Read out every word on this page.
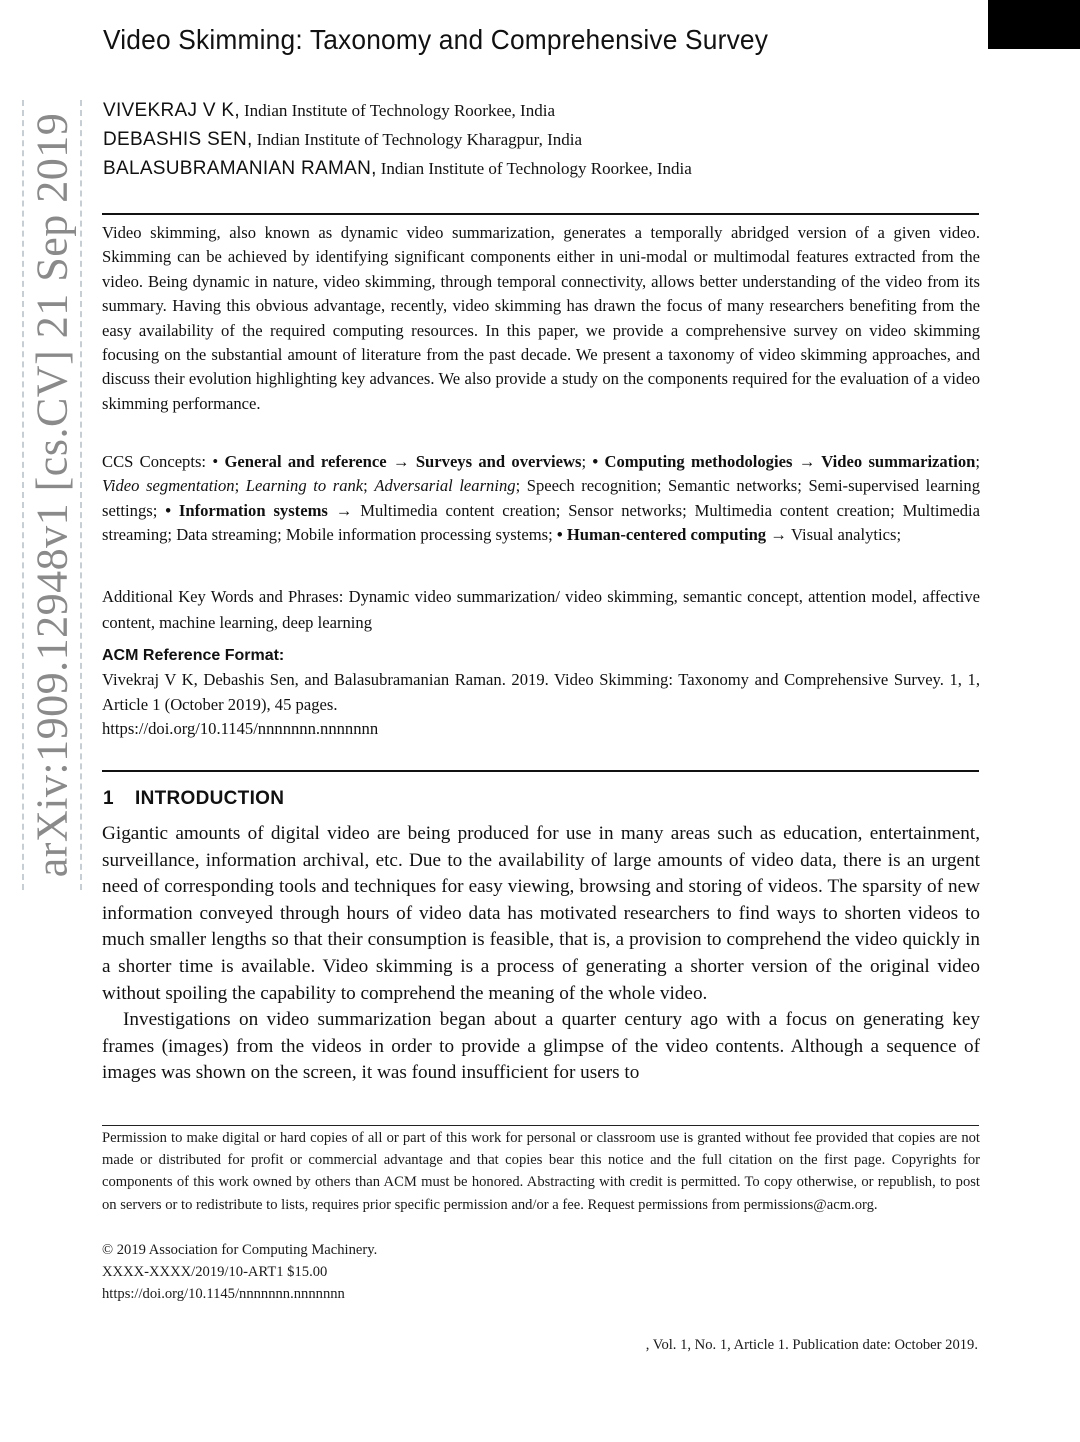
arXiv:1909.12948v1 [cs.CV] 21 Sep 2019
Video Skimming: Taxonomy and Comprehensive Survey
VIVEKRAJ V K, Indian Institute of Technology Roorkee, India
DEBASHIS SEN, Indian Institute of Technology Kharagpur, India
BALASUBRAMANIAN RAMAN, Indian Institute of Technology Roorkee, India
Video skimming, also known as dynamic video summarization, generates a temporally abridged version of a given video. Skimming can be achieved by identifying significant components either in uni-modal or multimodal features extracted from the video. Being dynamic in nature, video skimming, through temporal connectivity, allows better understanding of the video from its summary. Having this obvious advantage, recently, video skimming has drawn the focus of many researchers benefiting from the easy availability of the required computing resources. In this paper, we provide a comprehensive survey on video skimming focusing on the substantial amount of literature from the past decade. We present a taxonomy of video skimming approaches, and discuss their evolution highlighting key advances. We also provide a study on the components required for the evaluation of a video skimming performance.
CCS Concepts: • General and reference → Surveys and overviews; • Computing methodologies → Video summarization; Video segmentation; Learning to rank; Adversarial learning; Speech recognition; Semantic networks; Semi-supervised learning settings; • Information systems → Multimedia content creation; Sensor networks; Multimedia content creation; Multimedia streaming; Data streaming; Mobile information processing systems; • Human-centered computing → Visual analytics;
Additional Key Words and Phrases: Dynamic video summarization/ video skimming, semantic concept, attention model, affective content, machine learning, deep learning
ACM Reference Format:
Vivekraj V K, Debashis Sen, and Balasubramanian Raman. 2019. Video Skimming: Taxonomy and Comprehensive Survey. 1, 1, Article 1 (October 2019), 45 pages.
https://doi.org/10.1145/nnnnnnn.nnnnnnn
1 INTRODUCTION

Gigantic amounts of digital video are being produced for use in many areas such as education, entertainment, surveillance, information archival, etc. Due to the availability of large amounts of video data, there is an urgent need of corresponding tools and techniques for easy viewing, browsing and storing of videos. The sparsity of new information conveyed through hours of video data has motivated researchers to find ways to shorten videos to much smaller lengths so that their consumption is feasible, that is, a provision to comprehend the video quickly in a shorter time is available. Video skimming is a process of generating a shorter version of the original video without spoiling the capability to comprehend the meaning of the whole video.

Investigations on video summarization began about a quarter century ago with a focus on generating key frames (images) from the videos in order to provide a glimpse of the video contents. Although a sequence of images was shown on the screen, it was found insufficient for users to

Permission to make digital or hard copies of all or part of this work for personal or classroom use is granted without fee provided that copies are not made or distributed for profit or commercial advantage and that copies bear this notice and the full citation on the first page. Copyrights for components of this work owned by others than ACM must be honored. Abstracting with credit is permitted. To copy otherwise, or republish, to post on servers or to redistribute to lists, requires prior specific permission and/or a fee. Request permissions from permissions@acm.org.
© 2019 Association for Computing Machinery.
XXXX-XXXX/2019/10-ART1 $15.00
https://doi.org/10.1145/nnnnnnn.nnnnnnn
, Vol. 1, No. 1, Article 1. Publication date: October 2019.
